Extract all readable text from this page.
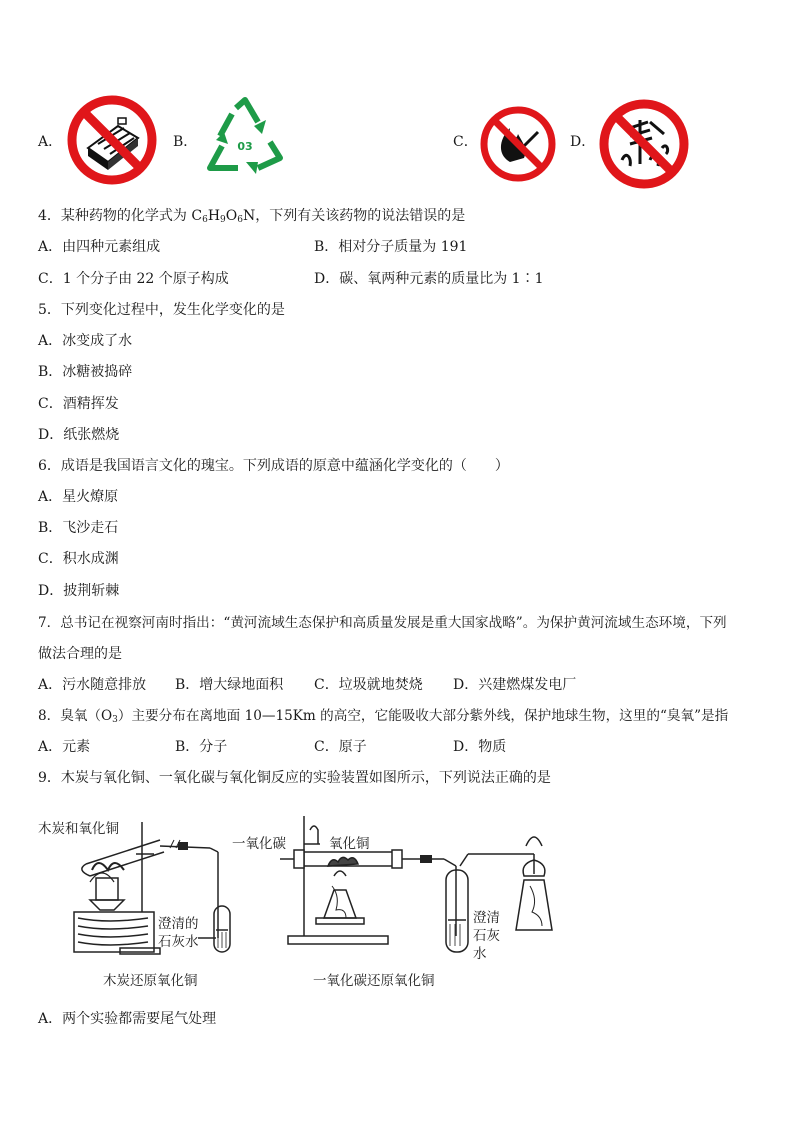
A．	B．	03	C．	D．
4．某种药物的化学式为 $C_6H_9O_6N$，下列有关该药物的说法错误的是
A．由四种元素组成	B．相对分子质量为 191
C．1 个分子由 22 个原子构成	D．碳、氧两种元素的质量比为 1∶1
5．下列变化过程中，发生化学变化的是
A．冰变成了水
B．冰糖被捣碎
C．酒精挥发
D．纸张燃烧
6．成语是我国语言文化的瑰宝。下列成语的原意中蕴涵化学变化的（　　）
A．星火燎原
B．飞沙走石
C．积水成渊
D．披荆斩棘
7．总书记在视察河南时指出：“黄河流域生态保护和高质量发展是重大国家战略”。为保护黄河流域生态环境，下列
做法合理的是
A．污水随意排放 B．增大绿地面积 C．垃圾就地焚烧 D．兴建燃煤发电厂
8．臭氧$(O_3)$主要分布在离地面 10—15Km 的高空，它能吸收大部分紫外线，保护地球生物，这里的“臭氧”是指
A．元素	B．分子	C．原子	D．物质
9．木炭与氧化铜、一氧化碳与氧化铜反应的实验装置如图所示，下列说法正确的是
木炭和氧化铜
澄清的
石灰水
木炭还原氧化铜
一氧化碳	氧化铜
澄清
石灰
水
一氧化碳还原氧化铜
A．两个实验都需要尾气处理
